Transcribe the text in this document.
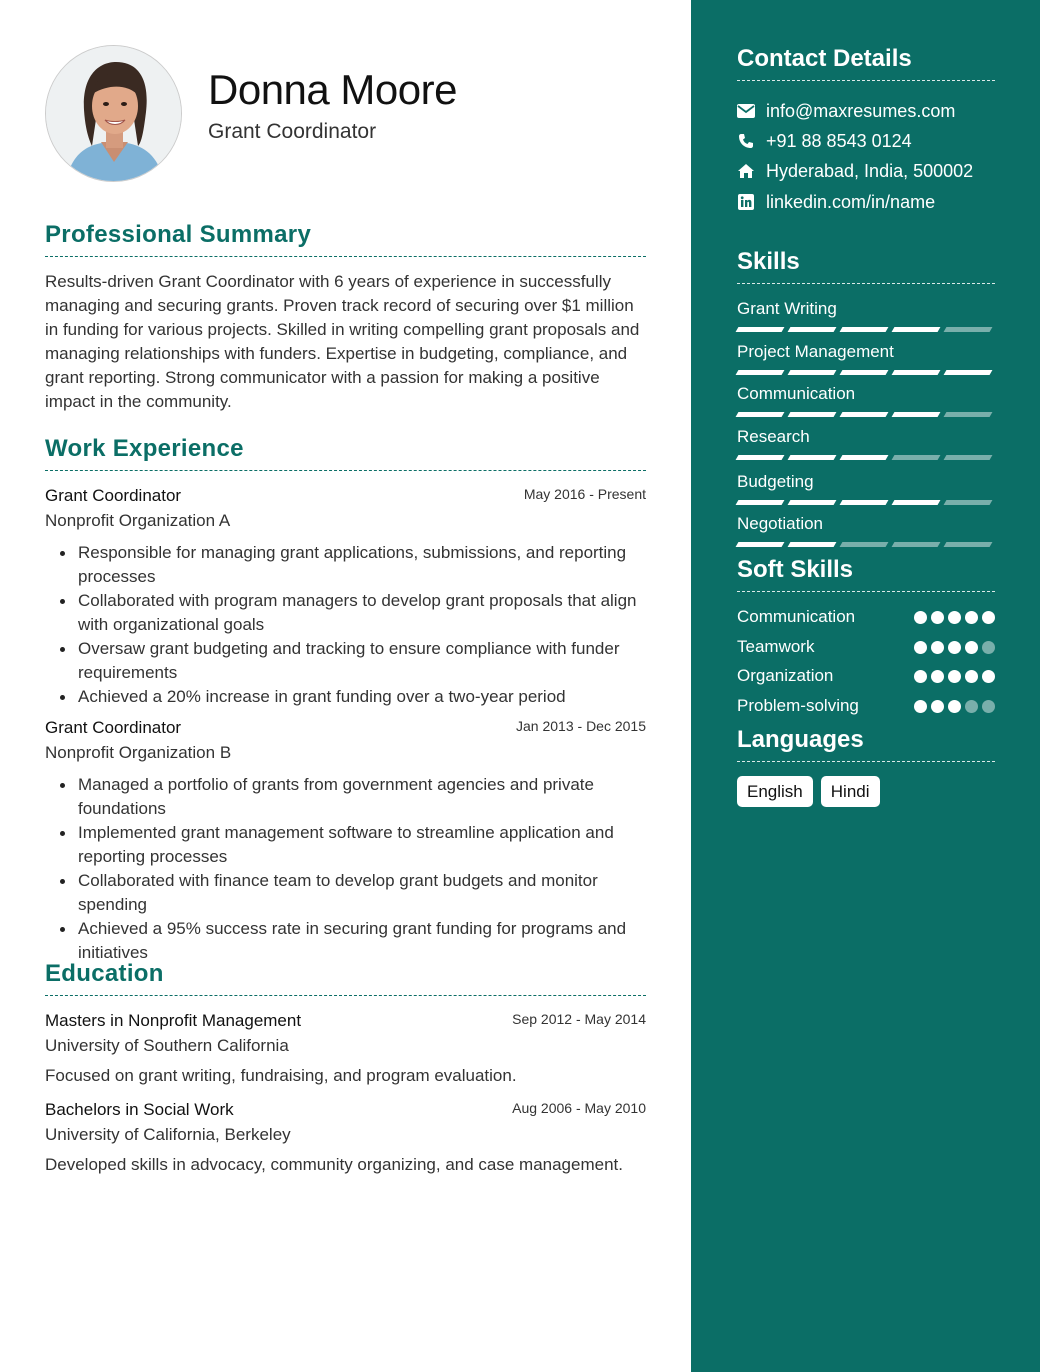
Donna Moore
Grant Coordinator
Professional Summary
Results-driven Grant Coordinator with 6 years of experience in successfully managing and securing grants. Proven track record of securing over $1 million in funding for various projects. Skilled in writing compelling grant proposals and managing relationships with funders. Expertise in budgeting, compliance, and grant reporting. Strong communicator with a passion for making a positive impact in the community.
Work Experience
Grant Coordinator	May 2016 - Present
Nonprofit Organization A
Responsible for managing grant applications, submissions, and reporting processes
Collaborated with program managers to develop grant proposals that align with organizational goals
Oversaw grant budgeting and tracking to ensure compliance with funder requirements
Achieved a 20% increase in grant funding over a two-year period
Grant Coordinator	Jan 2013 - Dec 2015
Nonprofit Organization B
Managed a portfolio of grants from government agencies and private foundations
Implemented grant management software to streamline application and reporting processes
Collaborated with finance team to develop grant budgets and monitor spending
Achieved a 95% success rate in securing grant funding for programs and initiatives
Education
Masters in Nonprofit Management	Sep 2012 - May 2014
University of Southern California
Focused on grant writing, fundraising, and program evaluation.
Bachelors in Social Work	Aug 2006 - May 2010
University of California, Berkeley
Developed skills in advocacy, community organizing, and case management.
Contact Details
info@maxresumes.com
+91 88 8543 0124
Hyderabad, India, 500002
linkedin.com/in/name
Skills
Grant Writing
Project Management
Communication
Research
Budgeting
Negotiation
Soft Skills
Communication
Teamwork
Organization
Problem-solving
Languages
English	Hindi
